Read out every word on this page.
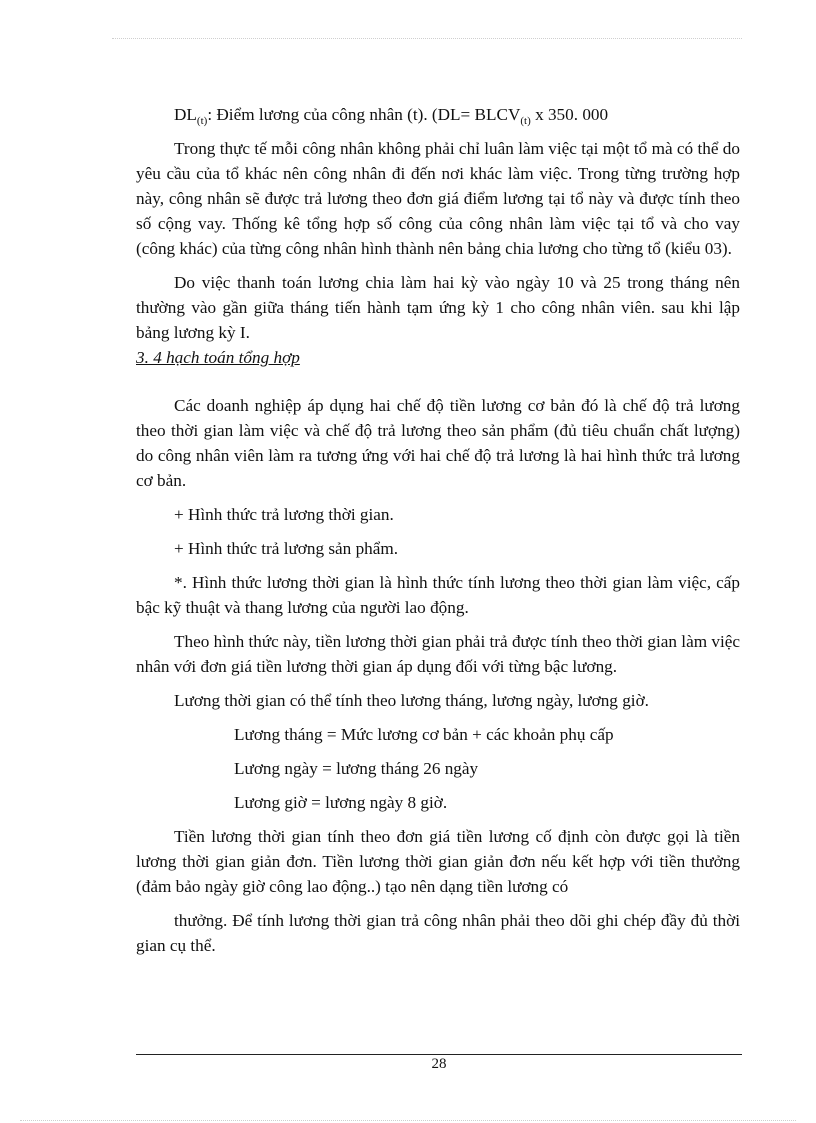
$DL_{(t)}$: Điểm lương của công nhân (t). ($DL= BLCV_{(t)}$ x 350. 000

Trong thực tế mỗi công nhân không phải chỉ luân làm việc tại một tổ mà có thể do yêu cầu của tổ khác nên công nhân đi đến nơi khác làm việc. Trong từng trường hợp này, công nhân sẽ được trả lương theo đơn giá điểm lương tại tổ này và được tính theo số cộng vay. Thống kê tổng hợp số công của công nhân làm việc tại tổ và cho vay (công khác) của từng công nhân hình thành nên bảng chia lương cho từng tổ (kiểu 03).

Do việc thanh toán lương chia làm hai kỳ vào ngày 10 và 25 trong tháng nên thường vào gần giữa tháng tiến hành tạm ứng kỳ 1 cho công nhân viên. sau khi lập bảng lương kỳ I.

3. 4 hạch toán tổng hợp

Các doanh nghiệp áp dụng hai chế độ tiền lương cơ bản đó là chế độ trả lương theo thời gian làm việc và chế độ trả lương theo sản phẩm (đủ tiêu chuẩn chất lượng) do công nhân viên làm ra tương ứng với hai chế độ trả lương là hai hình thức trả lương cơ bản.

+ Hình thức trả lương thời gian.

+ Hình thức trả lương sản phẩm.

*. Hình thức lương thời gian là hình thức tính lương theo thời gian làm việc, cấp bậc kỹ thuật và thang lương của người lao động.

Theo hình thức này, tiền lương thời gian phải trả được tính theo thời gian làm việc nhân với đơn giá tiền lương thời gian áp dụng đối với từng bậc lương.

Lương thời gian có thể tính theo lương tháng, lương ngày, lương giờ.

Lương tháng = Mức lương cơ bản + các khoản phụ cấp

Lương ngày = lương tháng 26 ngày

Lương giờ = lương ngày 8 giờ.

Tiền lương thời gian tính theo đơn giá tiền lương cố định còn được gọi là tiền lương thời gian giản đơn. Tiền lương thời gian giản đơn nếu kết hợp với tiền thưởng (đảm bảo ngày giờ công lao động..) tạo nên dạng tiền lương có

thưởng. Để tính lương thời gian trả công nhân phải theo dõi ghi chép đầy đủ thời gian cụ thể.

28
